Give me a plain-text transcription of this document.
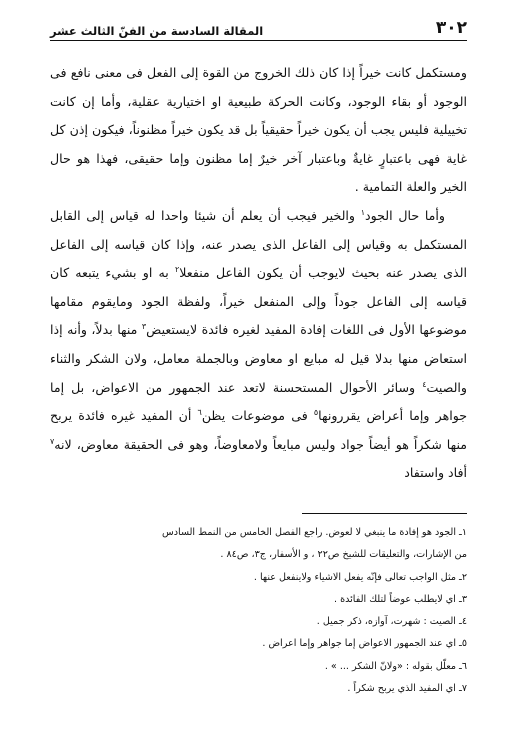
٣٠٢
المقالة السادسة من الفنّ الثالث عشر

ومستكمل كانت خيراً إذا كان ذلك الخروج من القوة إلى الفعل فى معنى نافع فى الوجود أو بقاء الوجود، وكانت الحركة طبيعية او اختيارية عقلية، وأما إن كانت تخييلية فليس يجب أن يكون خيراً حقيقياً بل قد يكون خيراً مظنوناً، فيكون إذن كل غاية فهى باعتبارٍ غايةٌ وباعتبار آخر خيرٌ إما مظنون وإما حقيقى، فهذا هو حال الخير والعلة التمامية .

وأما حال الجود$^١$ والخير فيجب أن يعلم أن شيئا واحدا له قياس إلى القابل المستكمل به وقياس إلى الفاعل الذى يصدر عنه، وإذا كان قياسه إلى الفاعل الذى يصدر عنه بحيث لايوجب أن يكون الفاعل منفعلا$^٢$ به او بشيء يتبعه كان قياسه إلى الفاعل جوداً وإلى المنفعل خيراً، ولفظة الجود ومايقوم مقامها موضوعها الأول فى اللغات إفادة المفيد لغيره فائدة لايستعيض$^٣$ منها بدلاً، وأنه إذا استعاض منها بدلا قيل له مبايع او معاوض وبالجملة معامل، ولان الشكر والثناء والصيت$^٤$ وسائر الأحوال المستحسنة لاتعد عند الجمهور من الاعواض، بل إما جواهر وإما أعراض يقررونها$^٥$ فى موضوعات يظن$^٦$ أن المفيد غيره فائدة يربح منها شكراً هو أيضاً جواد وليس مبايعاً ولامعاوضاً، وهو فى الحقيقة معاوض، لانه$^٧$ أفاد واستفاد

١ـ الجود هو إفادة ما ينبغي لا لعوض. راجع الفصل الخامس من النمط السادس

من الإشارات، والتعليقات للشيخ ص٢٢ ، و الأسفار، ج٣، ص٨٤ .

٢ـ مثل الواجب تعالى فإنّه يفعل الاشياء ولاينفعل عنها .

٣ـ اي لايطلب عوضاً لتلك الفائدة .

٤ـ الصيت : شهرت، آوازه، ذكر جميل .

٥ـ اي عند الجمهور الاعواض إما جواهر وإما اعراض .

٦ـ معلّل بقوله : «ولانّ الشكر ... » .

٧ـ اي المفيد الذي يربح شكراً .
